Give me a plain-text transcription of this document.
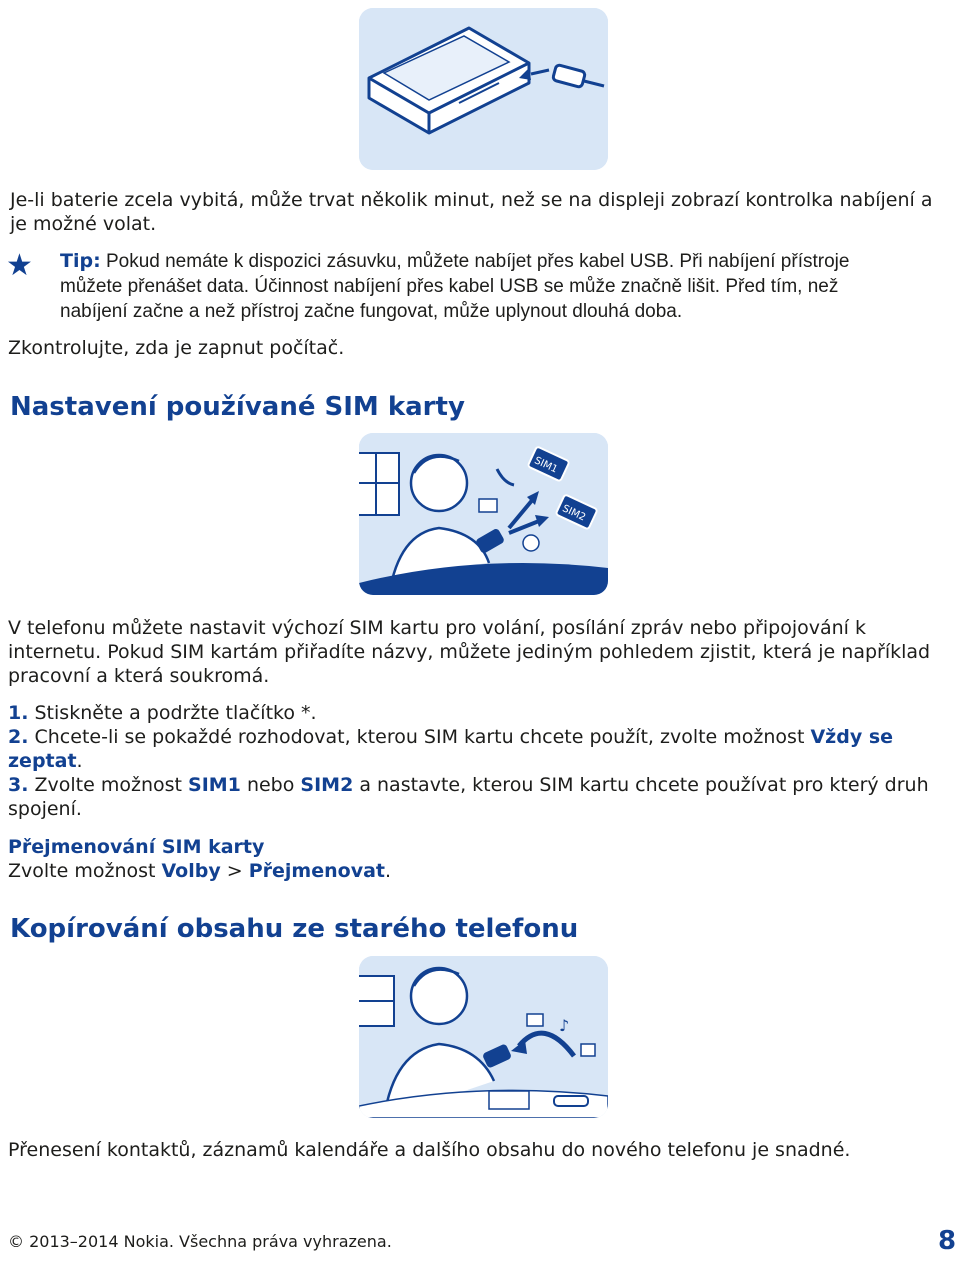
Je-li baterie zcela vybitá, může trvat několik minut, než se na displeji zobrazí kontrolka nabíjení a je možné volat.

★ Tip: Pokud nemáte k dispozici zásuvku, můžete nabíjet přes kabel USB. Při nabíjení přístroje
můžete přenášet data. Účinnost nabíjení přes kabel USB se může značně lišit. Před tím, než
nabíjení začne a než přístroj začne fungovat, může uplynout dlouhá doba.

Zkontrolujte, zda je zapnut počítač.

Nastavení používané SIM karty
SIM1
SIM2

V telefonu můžete nastavit výchozí SIM kartu pro volání, posílání zpráv nebo připojování k internetu. Pokud SIM kartám přiřadíte názvy, můžete jediným pohledem zjistit, která je například pracovní a která soukromá.

1. Stiskněte a podržte tlačítko *.
2. Chcete-li se pokaždé rozhodovat, kterou SIM kartu chcete použít, zvolte možnost Vždy se zeptat.
3. Zvolte možnost SIM1 nebo SIM2 a nastavte, kterou SIM kartu chcete používat pro který druh spojení.
Přejmenování SIM karty
Zvolte možnost Volby > Přejmenovat.
Kopírování obsahu ze starého telefonu
♪

Přenesení kontaktů, záznamů kalendáře a dalšího obsahu do nového telefonu je snadné.

© 2013–2014 Nokia. Všechna práva vyhrazena.	8
